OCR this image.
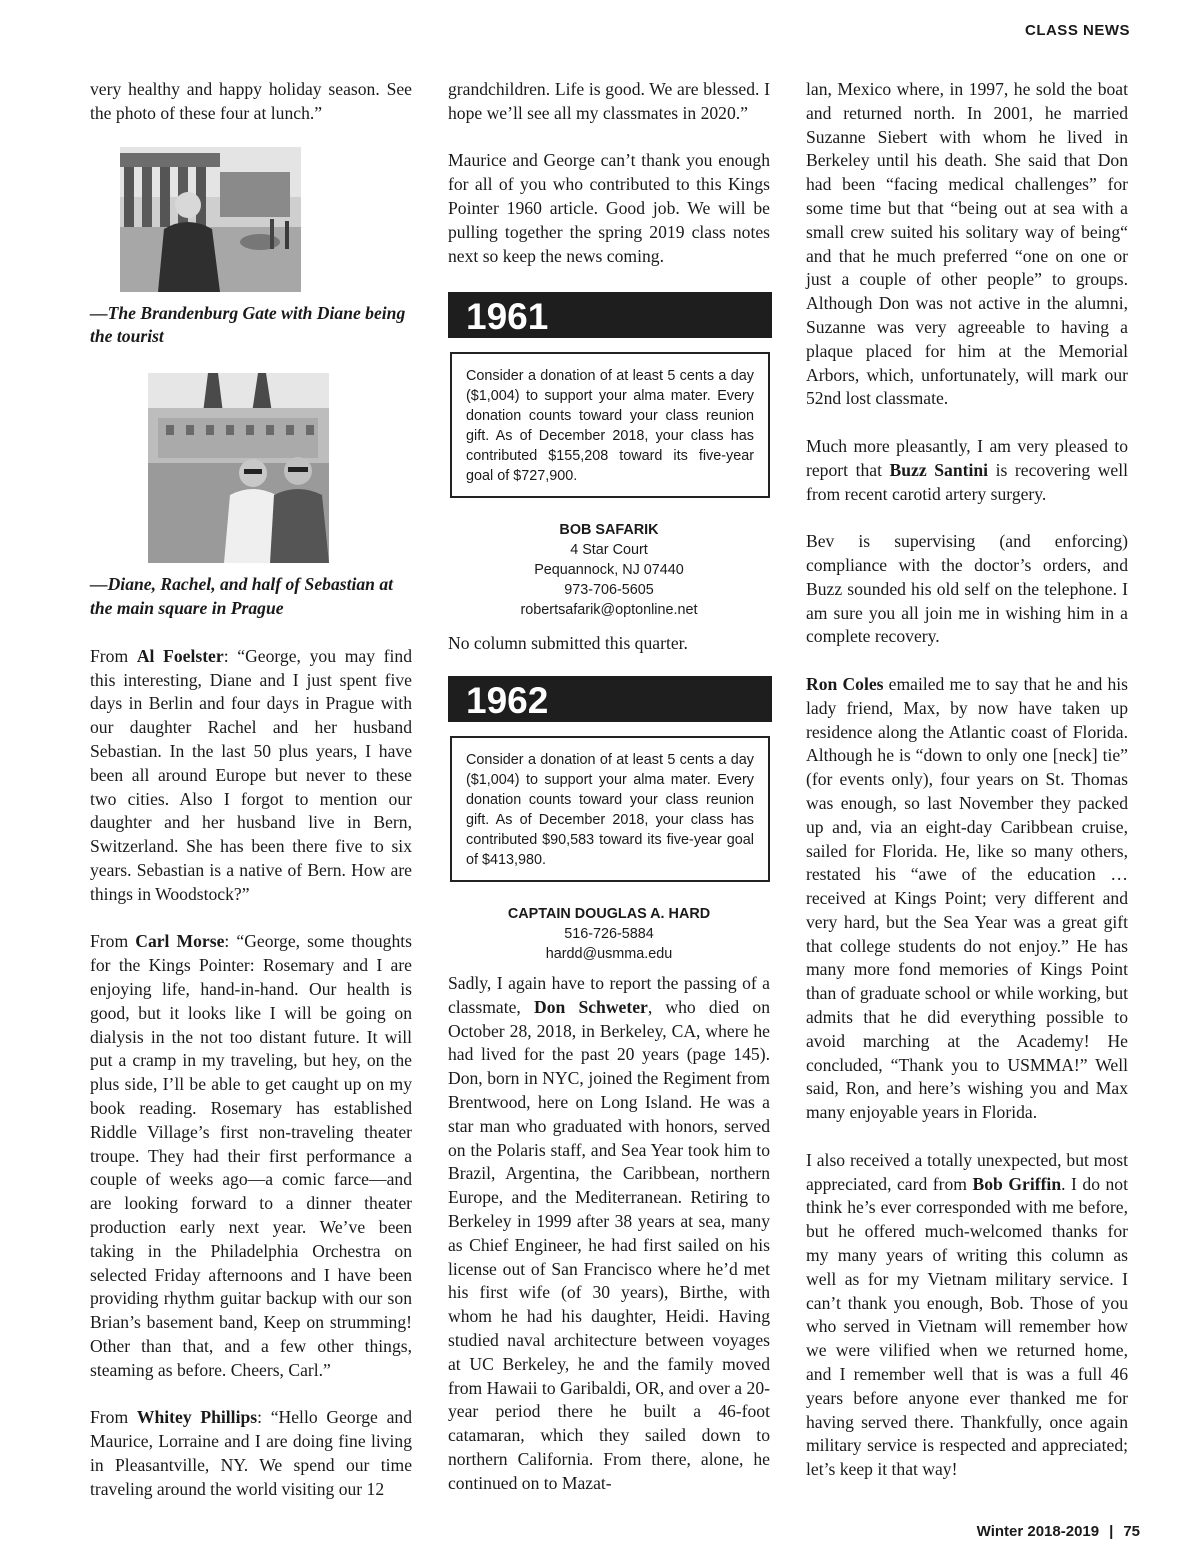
CLASS NEWS
very healthy and happy holiday season. See the photo of these four at lunch.”
—The Brandenburg Gate with Diane being the tourist
—Diane, Rachel, and half of Sebastian at the main square in Prague
From Al Foelster: “George, you may find this interesting, Diane and I just spent five days in Berlin and four days in Prague with our daughter Rachel and her husband Sebastian. In the last 50 plus years, I have been all around Europe but never to these two cities. Also I forgot to mention our daughter and her husband live in Bern, Switzerland. She has been there five to six years. Sebastian is a native of Bern. How are things in Woodstock?”
From Carl Morse: “George, some thoughts for the Kings Pointer: Rosemary and I are enjoying life, hand-in-hand. Our health is good, but it looks like I will be going on dialysis in the not too distant future. It will put a cramp in my traveling, but hey, on the plus side, I’ll be able to get caught up on my book reading. Rosemary has established Riddle Village’s first non-traveling theater troupe. They had their first performance a couple of weeks ago—a comic farce—and are looking forward to a dinner theater production early next year. We’ve been taking in the Philadelphia Orchestra on selected Friday afternoons and I have been providing rhythm guitar backup with our son Brian’s basement band, Keep on strumming! Other than that, and a few other things, steaming as before. Cheers, Carl.”
From Whitey Phillips: “Hello George and Maurice, Lorraine and I are doing fine living in Pleasantville, NY. We spend our time traveling around the world visiting our 12
grandchildren. Life is good. We are blessed. I hope we’ll see all my classmates in 2020.”
Maurice and George can’t thank you enough for all of you who contributed to this Kings Pointer 1960 article. Good job. We will be pulling together the spring 2019 class notes next so keep the news coming.
1961
Consider a donation of at least 5 cents a day ($1,004) to support your alma mater. Every donation counts toward your class reunion gift. As of December 2018, your class has contributed $155,208 toward its five-year goal of $727,900.
BOB SAFARIK
4 Star Court
Pequannock, NJ 07440
973-706-5605
robertsafarik@optonline.net
No column submitted this quarter.
1962
Consider a donation of at least 5 cents a day ($1,004) to support your alma mater. Every donation counts toward your class reunion gift. As of December 2018, your class has contributed $90,583 toward its five-year goal of $413,980.
CAPTAIN DOUGLAS A. HARD
516-726-5884
hardd@usmma.edu
Sadly, I again have to report the passing of a classmate, Don Schweter, who died on October 28, 2018, in Berkeley, CA, where he had lived for the past 20 years (page 145). Don, born in NYC, joined the Regiment from Brentwood, here on Long Island. He was a star man who graduated with honors, served on the Polaris staff, and Sea Year took him to Brazil, Argentina, the Caribbean, northern Europe, and the Mediterranean. Retiring to Berkeley in 1999 after 38 years at sea, many as Chief Engineer, he had first sailed on his license out of San Francisco where he’d met his first wife (of 30 years), Birthe, with whom he had his daughter, Heidi. Having studied naval architecture between voyages at UC Berkeley, he and the family moved from Hawaii to Garibaldi, OR, and over a 20-year period there he built a 46-foot catamaran, which they sailed down to northern California. From there, alone, he continued on to Mazat-
lan, Mexico where, in 1997, he sold the boat and returned north. In 2001, he married Suzanne Siebert with whom he lived in Berkeley until his death. She said that Don had been “facing medical challenges” for some time but that “being out at sea with a small crew suited his solitary way of being“ and that he much preferred “one on one or just a couple of other people” to groups. Although Don was not active in the alumni, Suzanne was very agreeable to having a plaque placed for him at the Memorial Arbors, which, unfortunately, will mark our 52nd lost classmate.
Much more pleasantly, I am very pleased to report that Buzz Santini is recovering well from recent carotid artery surgery.
Bev is supervising (and enforcing) compliance with the doctor’s orders, and Buzz sounded his old self on the telephone. I am sure you all join me in wishing him in a complete recovery.
Ron Coles emailed me to say that he and his lady friend, Max, by now have taken up residence along the Atlantic coast of Florida. Although he is “down to only one [neck] tie” (for events only), four years on St. Thomas was enough, so last November they packed up and, via an eight-day Caribbean cruise, sailed for Florida. He, like so many others, restated his “awe of the education … received at Kings Point; very different and very hard, but the Sea Year was a great gift that college students do not enjoy.” He has many more fond memories of Kings Point than of graduate school or while working, but admits that he did everything possible to avoid marching at the Academy! He concluded, “Thank you to USMMA!” Well said, Ron, and here’s wishing you and Max many enjoyable years in Florida.
I also received a totally unexpected, but most appreciated, card from Bob Griffin. I do not think he’s ever corresponded with me before, but he offered much-welcomed thanks for my many years of writing this column as well as for my Vietnam military service. I can’t thank you enough, Bob. Those of you who served in Vietnam will remember how we were vilified when we returned home, and I remember well that is was a full 46 years before anyone ever thanked me for having served there. Thankfully, once again military service is respected and appreciated; let’s keep it that way!
Winter 2018-2019 | 75
